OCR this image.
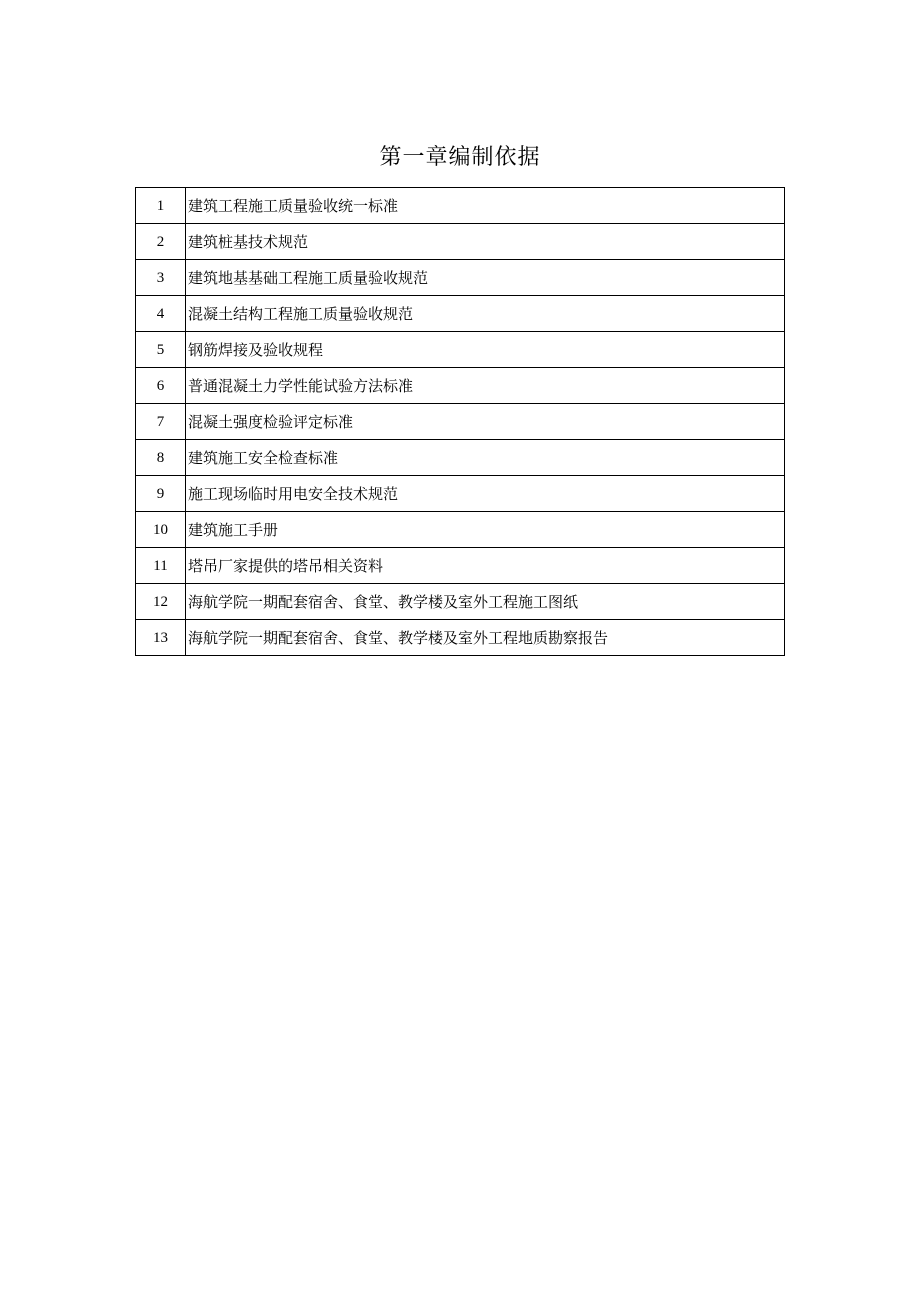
第一章编制依据
1	建筑工程施工质量验收统一标准
2	建筑桩基技术规范
3	建筑地基基础工程施工质量验收规范
4	混凝土结构工程施工质量验收规范
5	钢筋焊接及验收规程
6	普通混凝土力学性能试验方法标准
7	混凝土强度检验评定标准
8	建筑施工安全检查标准
9	施工现场临时用电安全技术规范
10	建筑施工手册
11	塔吊厂家提供的塔吊相关资料
12	海航学院一期配套宿舍、食堂、教学楼及室外工程施工图纸
13	海航学院一期配套宿舍、食堂、教学楼及室外工程地质勘察报告
